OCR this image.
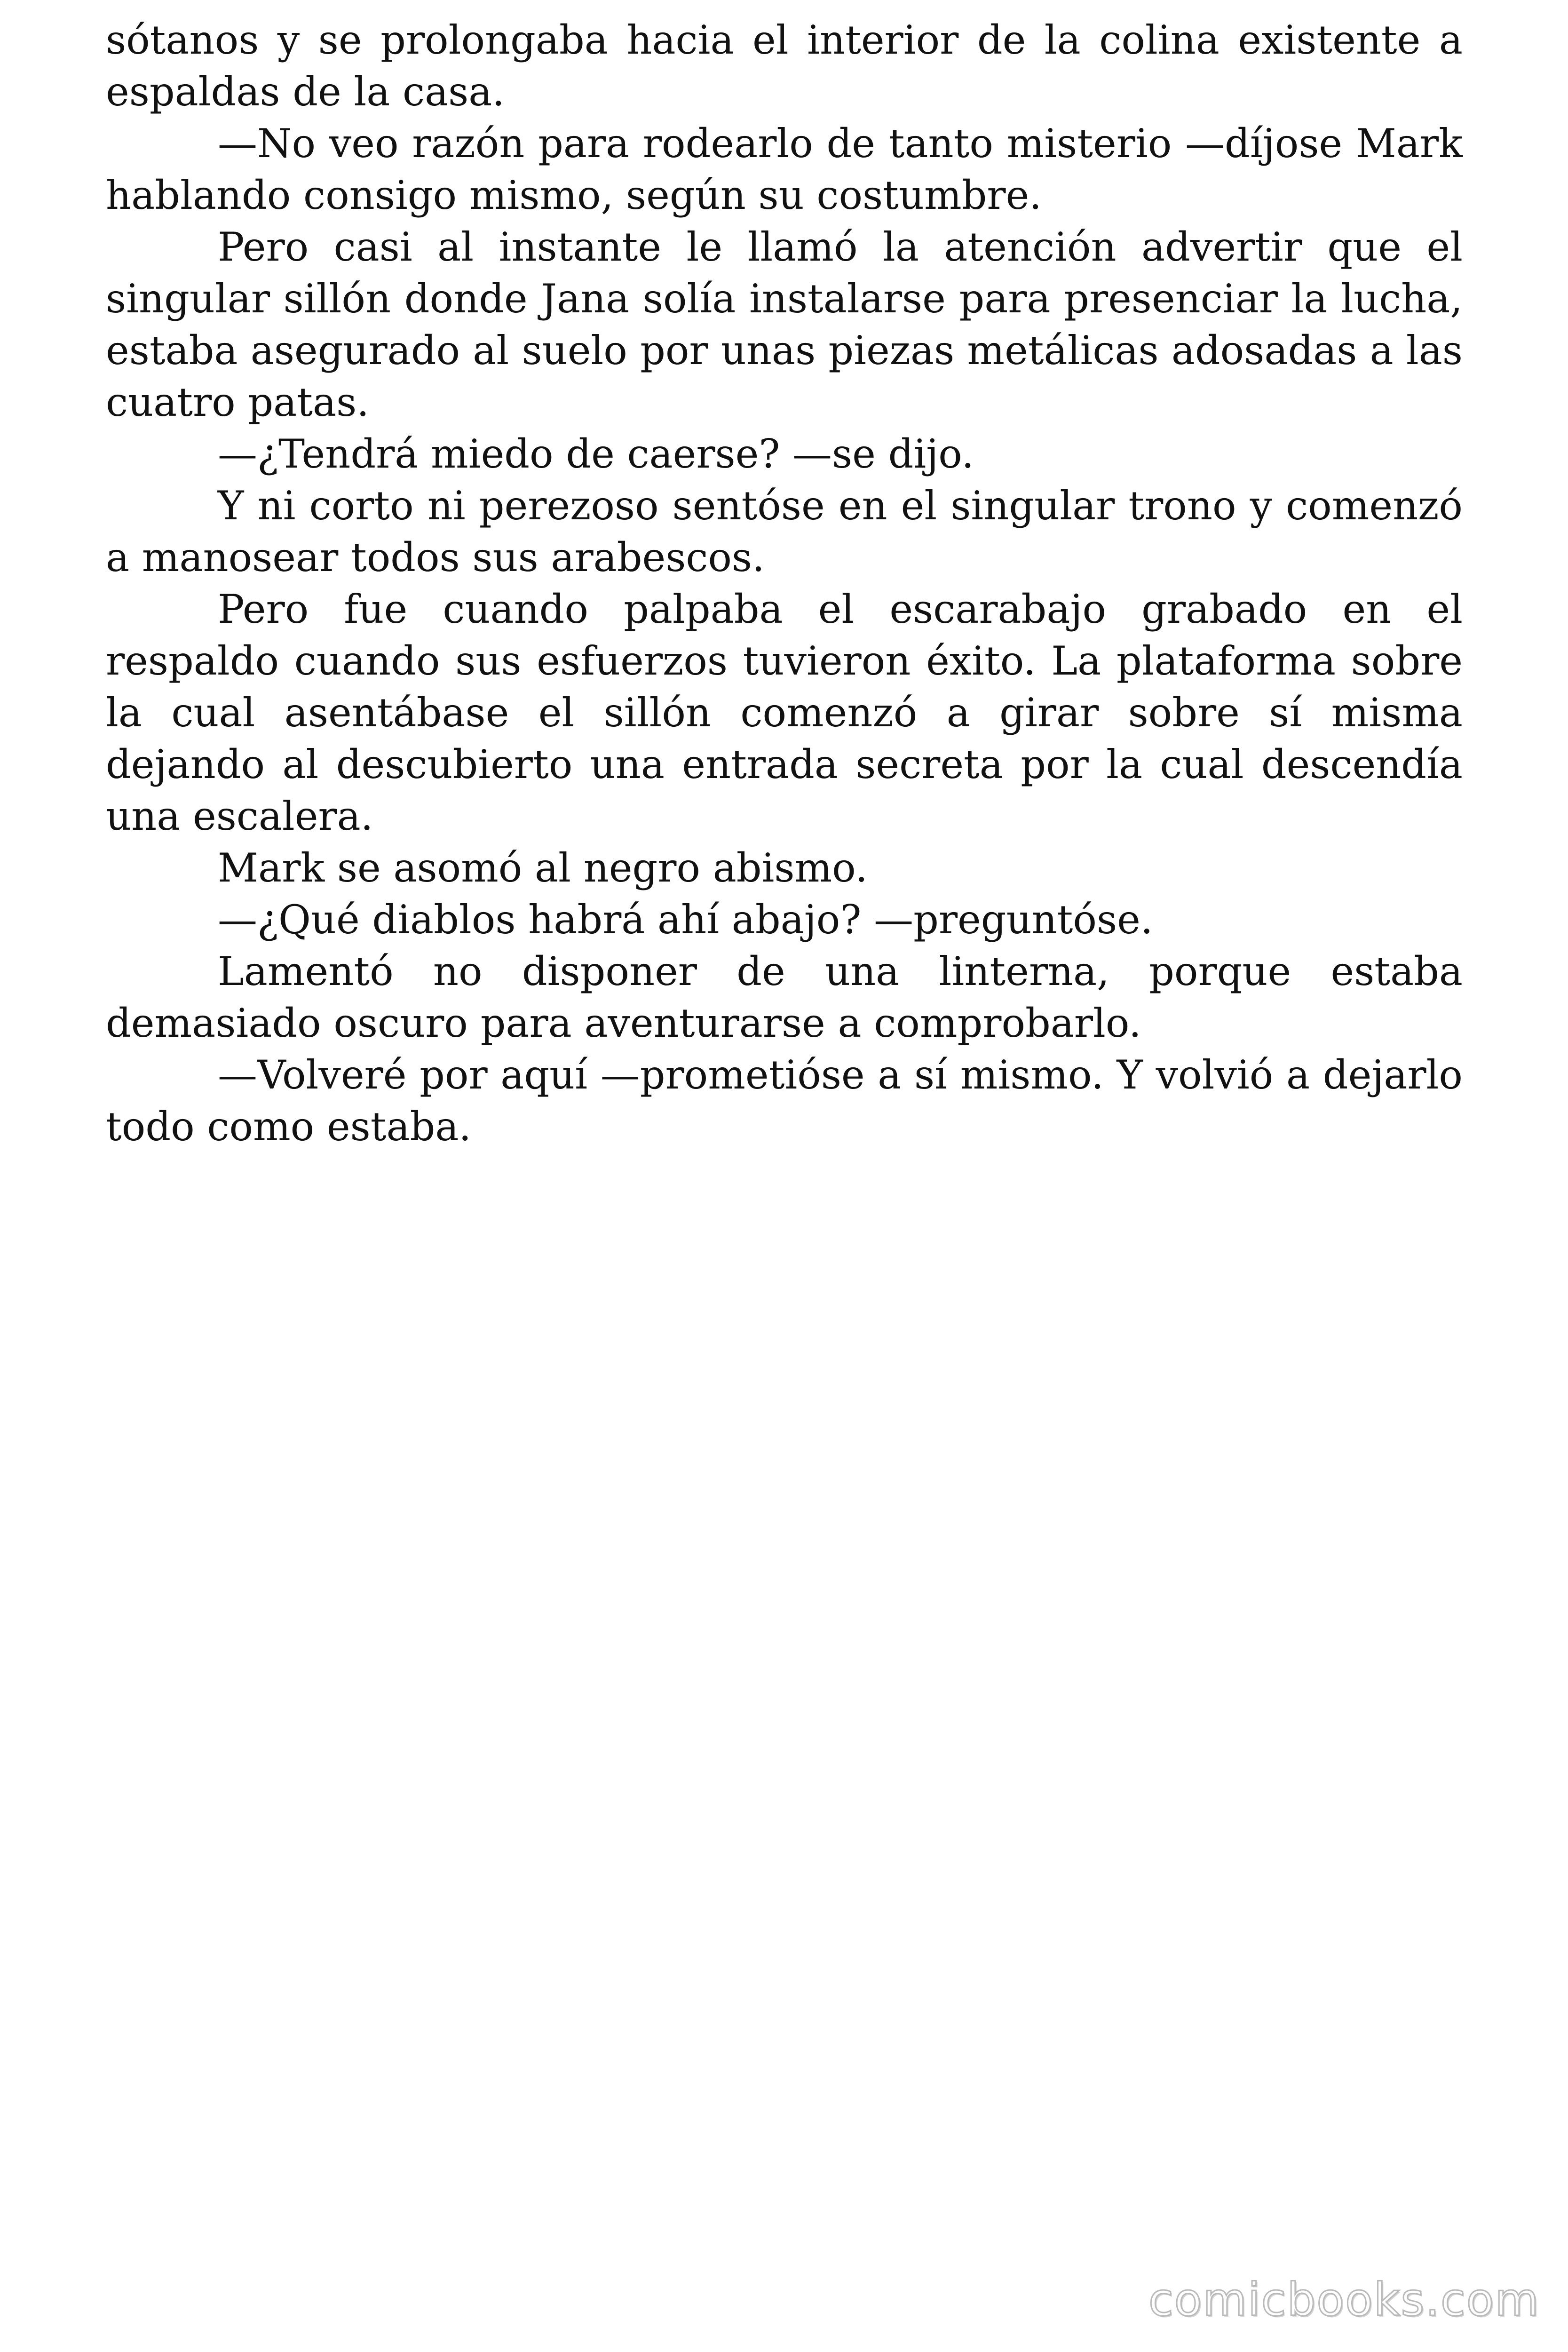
sótanos y se prolongaba hacia el interior de la colina existente a espaldas de la casa.

—No veo razón para rodearlo de tanto misterio —díjose Mark hablando consigo mismo, según su costumbre.

Pero casi al instante le llamó la atención advertir que el singular sillón donde Jana solía instalarse para presenciar la lucha, estaba asegurado al suelo por unas piezas metálicas adosadas a las cuatro patas.

—¿Tendrá miedo de caerse? —se dijo.

Y ni corto ni perezoso sentóse en el singular trono y comenzó a manosear todos sus arabescos.

Pero fue cuando palpaba el escarabajo grabado en el respaldo cuando sus esfuerzos tuvieron éxito. La plataforma sobre la cual asentábase el sillón comenzó a girar sobre sí misma dejando al descubierto una entrada secreta por la cual descendía una escalera.

Mark se asomó al negro abismo.

—¿Qué diablos habrá ahí abajo? —preguntóse.

Lamentó no disponer de una linterna, porque estaba demasiado oscuro para aventurarse a comprobarlo.

—Volveré por aquí —prometióse a sí mismo. Y volvió a dejarlo todo como estaba.

comicbooks.com
